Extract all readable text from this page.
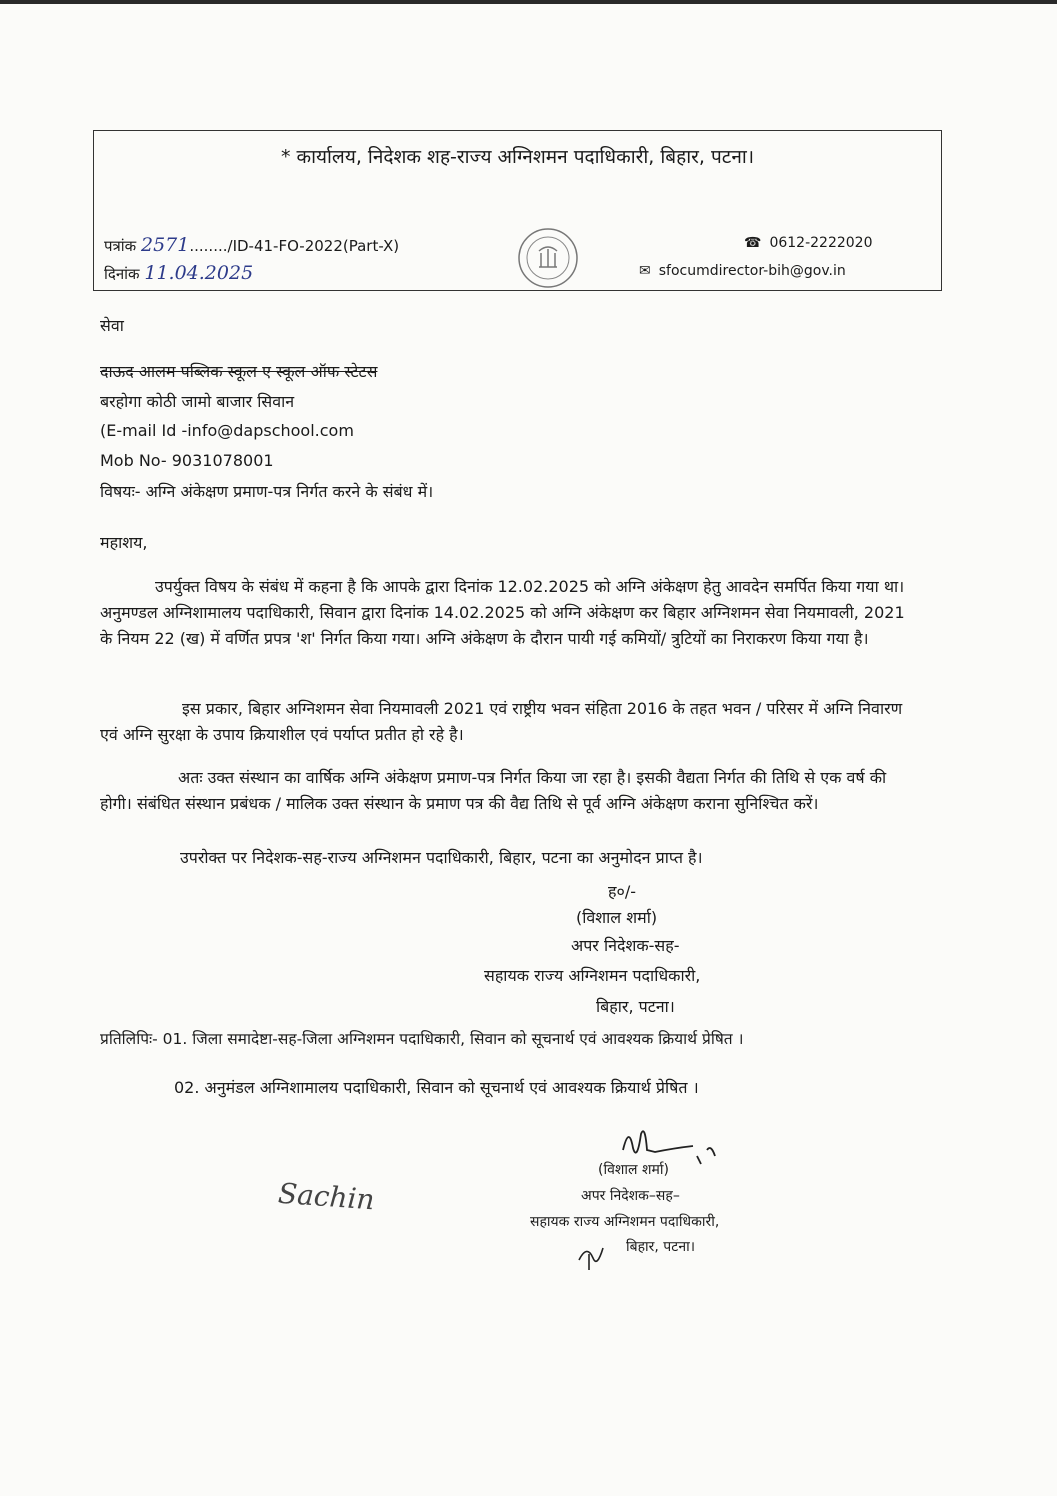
* कार्यालय, निदेशक शह-राज्य अग्निशमन पदाधिकारी, बिहार, पटना।
पत्रांक 2571......../ID-41-FO-2022(Part-X)
दिनांक 11.04.2025
☎ 0612-2222020
✉ sfocumdirector-bih@gov.in
सेवा
दाऊद आलम पब्लिक स्कूल ए स्कूल ऑफ स्टेटस
बरहोगा कोठी जामो बाजार सिवान
(E-mail Id -info@dapschool.com
Mob No- 9031078001
विषयः- अग्नि अंकेक्षण प्रमाण-पत्र निर्गत करने के संबंध में।
महाशय,
उपर्युक्त विषय के संबंध में कहना है कि आपके द्वारा दिनांक 12.02.2025 को अग्नि अंकेक्षण हेतु आवदेन समर्पित किया गया था। अनुमण्डल अग्निशामालय पदाधिकारी, सिवान द्वारा दिनांक 14.02.2025 को अग्नि अंकेक्षण कर बिहार अग्निशमन सेवा नियमावली, 2021 के नियम 22 (ख) में वर्णित प्रपत्र 'श' निर्गत किया गया। अग्नि अंकेक्षण के दौरान पायी गई कमियों/ त्रुटियों का निराकरण किया गया है।
इस प्रकार, बिहार अग्निशमन सेवा नियमावली 2021 एवं राष्ट्रीय भवन संहिता 2016 के तहत भवन / परिसर में अग्नि निवारण एवं अग्नि सुरक्षा के उपाय क्रियाशील एवं पर्याप्त प्रतीत हो रहे है।
अतः उक्त संस्थान का वार्षिक अग्नि अंकेक्षण प्रमाण-पत्र निर्गत किया जा रहा है। इसकी वैद्यता निर्गत की तिथि से एक वर्ष की होगी। संबंधित संस्थान प्रबंधक / मालिक उक्त संस्थान के प्रमाण पत्र की वैद्य तिथि से पूर्व अग्नि अंकेक्षण कराना सुनिश्चित करें।
उपरोक्त पर निदेशक-सह-राज्य अग्निशमन पदाधिकारी, बिहार, पटना का अनुमोदन प्राप्त है।
ह०/-
(विशाल शर्मा)
अपर निदेशक-सह-
सहायक राज्य अग्निशमन पदाधिकारी,
बिहार, पटना।
प्रतिलिपिः- 01. जिला समादेष्टा-सह-जिला अग्निशमन पदाधिकारी, सिवान को सूचनार्थ एवं आवश्यक क्रियार्थ प्रेषित ।
02. अनुमंडल अग्निशामालय पदाधिकारी, सिवान को सूचनार्थ एवं आवश्यक क्रियार्थ प्रेषित ।
(विशाल शर्मा)
अपर निदेशक–सह–
सहायक राज्य अग्निशमन पदाधिकारी,
बिहार, पटना।
Sachin
